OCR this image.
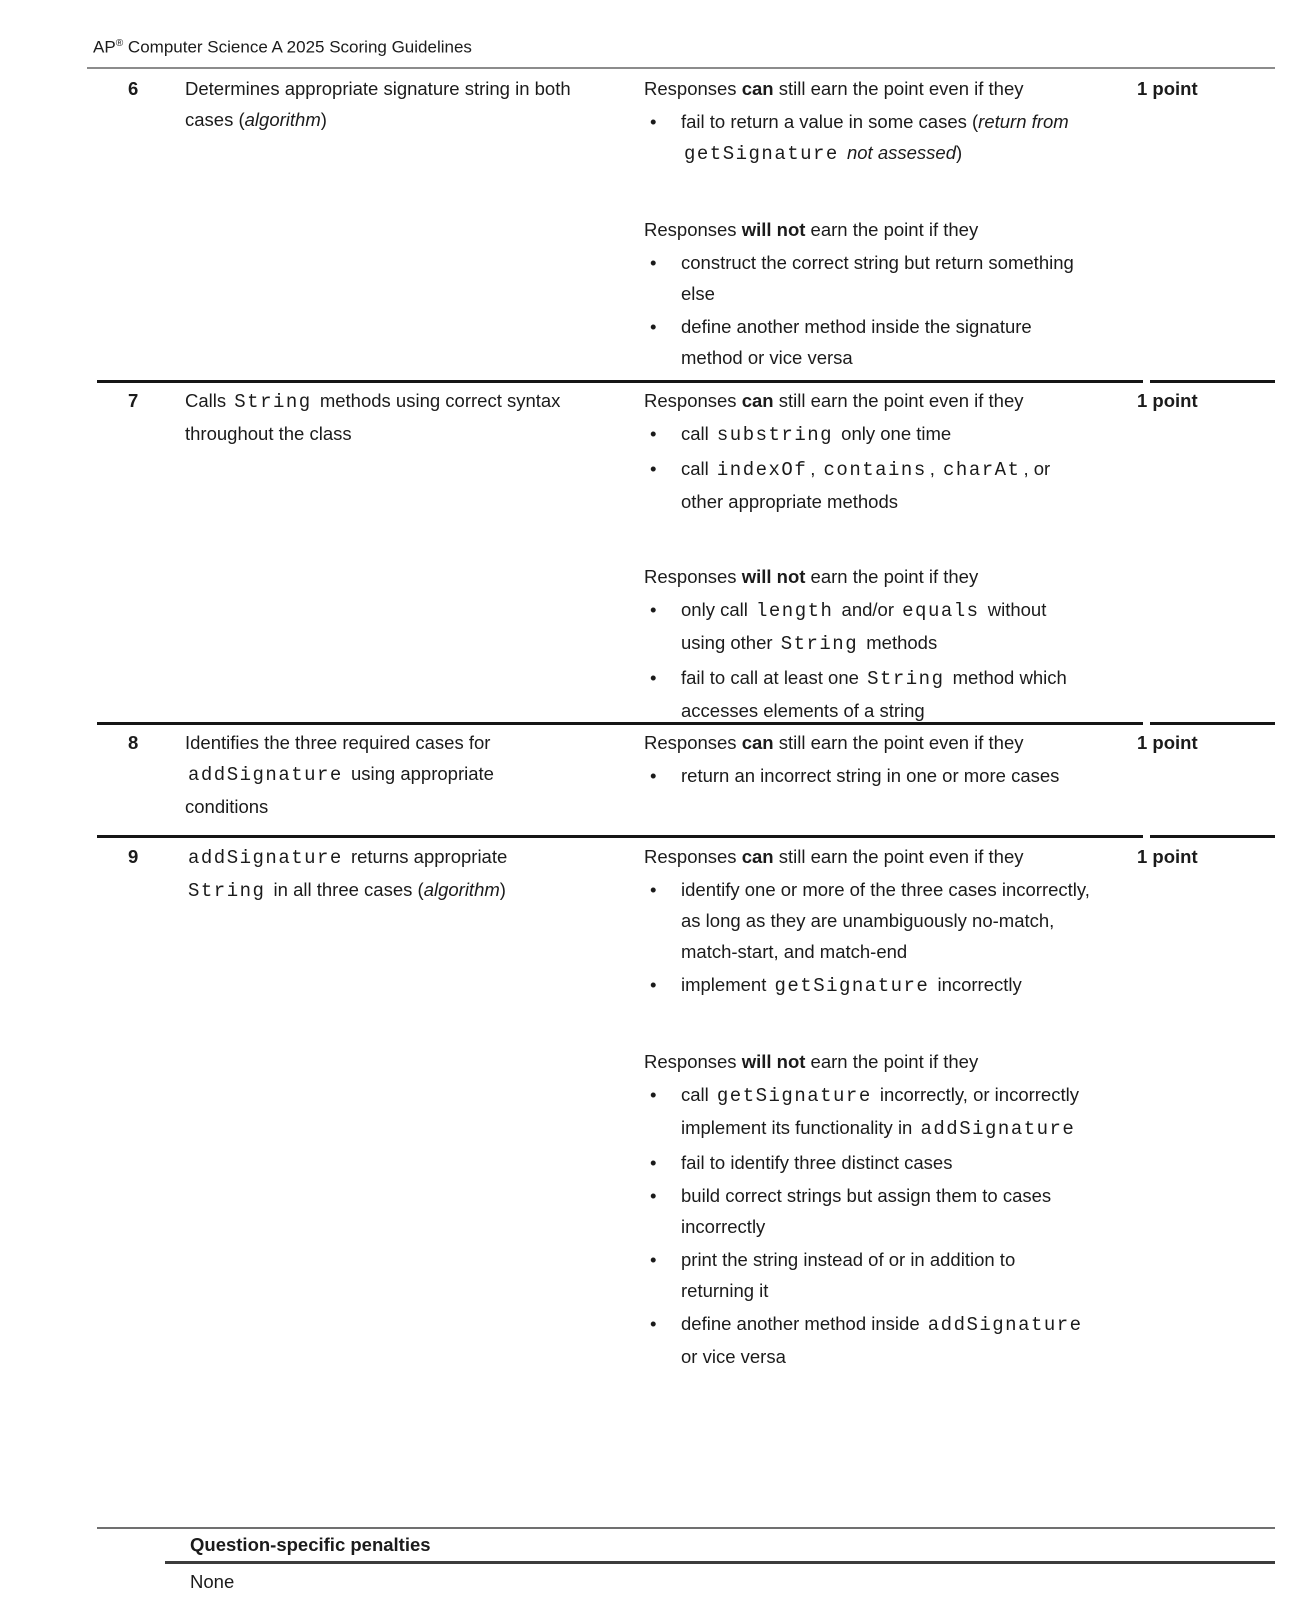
AP® Computer Science A 2025 Scoring Guidelines
6	Determines appropriate signature string in both cases (algorithm)
Responses can still earn the point even if they
• fail to return a value in some cases (return from getSignature not assessed)
Responses will not earn the point if they
• construct the correct string but return something else
• define another method inside the signature method or vice versa
1 point
7	Calls String methods using correct syntax throughout the class
Responses can still earn the point even if they
• call substring only one time
• call indexOf , contains , charAt , or other appropriate methods
Responses will not earn the point if they
• only call length and/or equals without using other String methods
• fail to call at least one String method which accesses elements of a string
1 point
8	Identifies the three required cases for addSignature using appropriate conditions
Responses can still earn the point even if they
• return an incorrect string in one or more cases
1 point
9	addSignature returns appropriate String in all three cases (algorithm)
Responses can still earn the point even if they
• identify one or more of the three cases incorrectly, as long as they are unambiguously no-match, match-start, and match-end
• implement getSignature incorrectly
Responses will not earn the point if they
• call getSignature incorrectly, or incorrectly implement its functionality in addSignature
• fail to identify three distinct cases
• build correct strings but assign them to cases incorrectly
• print the string instead of or in addition to returning it
• define another method inside addSignature or vice versa
1 point
Question-specific penalties
None
